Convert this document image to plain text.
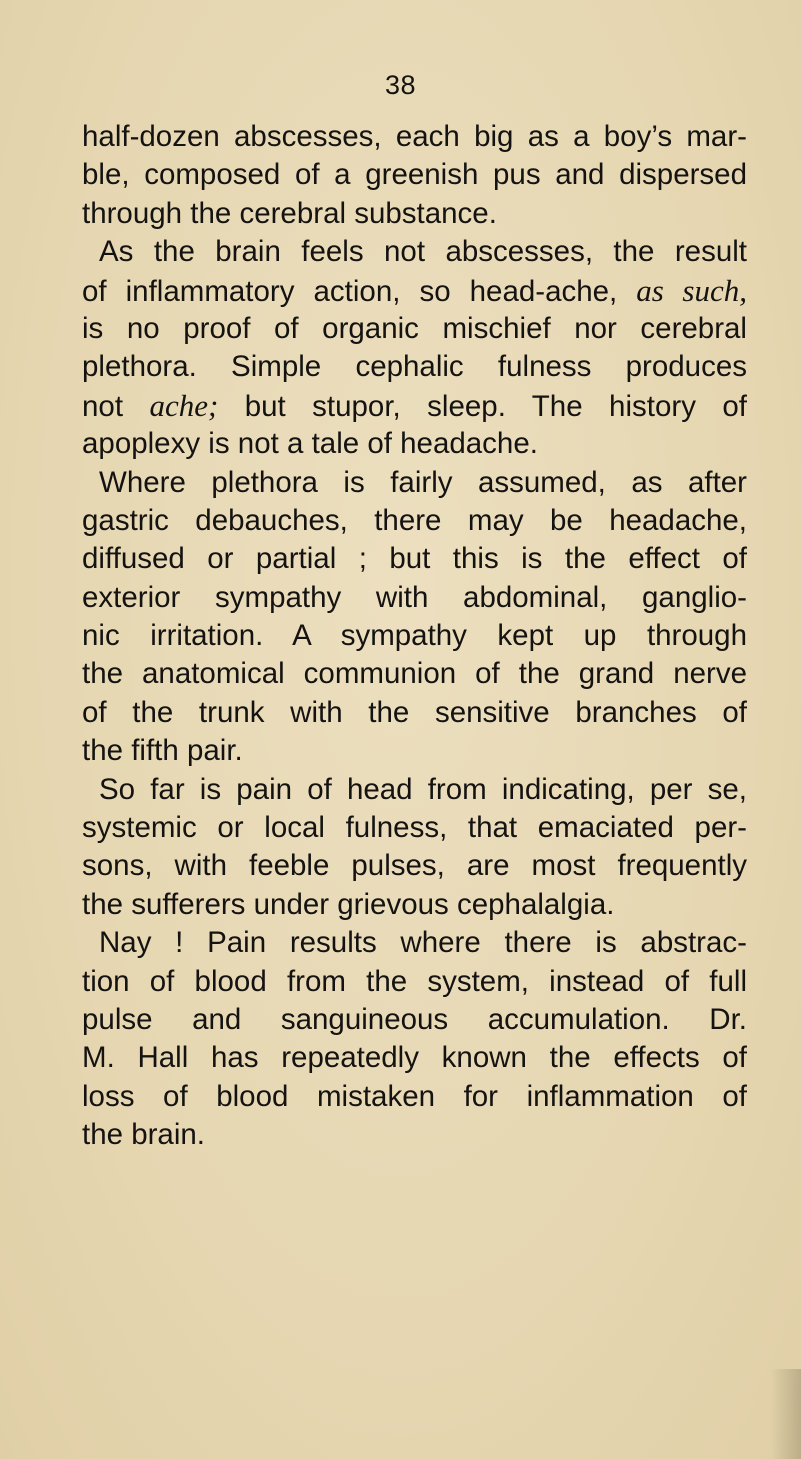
38
half-dozen abscesses, each big as a boy’s mar-
ble, composed of a greenish pus and dispersed
through the cerebral substance.
As the brain feels not abscesses, the result
of inflammatory action, so head-ache, as such,
is no proof of organic mischief nor cerebral
plethora. Simple cephalic fulness produces
not ache; but stupor, sleep. The history of
apoplexy is not a tale of headache.
Where plethora is fairly assumed, as after
gastric debauches, there may be headache,
diffused or partial ; but this is the effect of
exterior sympathy with abdominal, ganglio-
nic irritation. A sympathy kept up through
the anatomical communion of the grand nerve
of the trunk with the sensitive branches of
the fifth pair.
So far is pain of head from indicating, per se,
systemic or local fulness, that emaciated per-
sons, with feeble pulses, are most frequently
the sufferers under grievous cephalalgia.
Nay ! Pain results where there is abstrac-
tion of blood from the system, instead of full
pulse and sanguineous accumulation. Dr.
M. Hall has repeatedly known the effects of
loss of blood mistaken for inflammation of
the brain.
